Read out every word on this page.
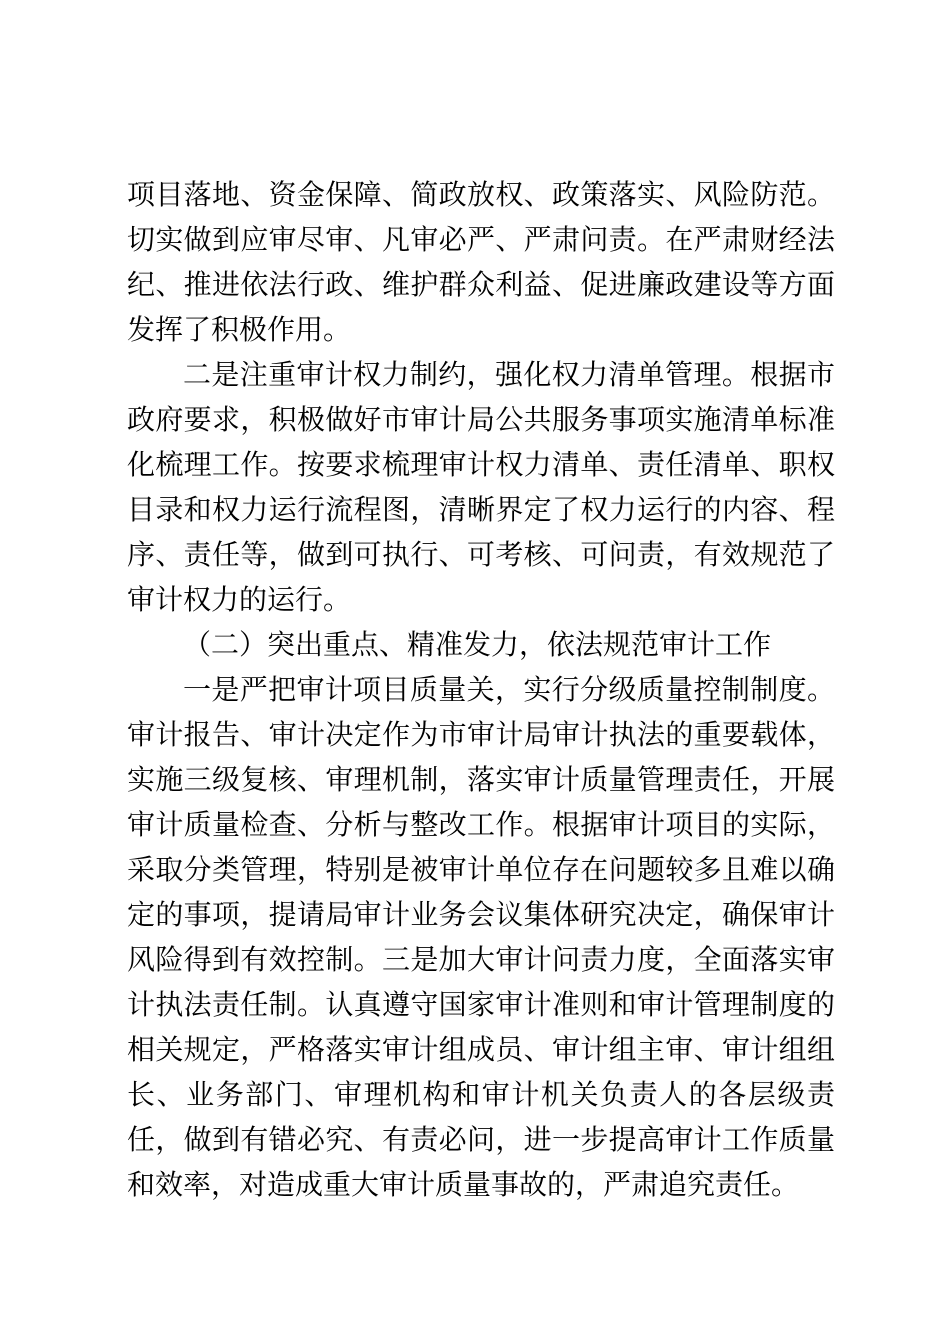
项目落地、资金保障、简政放权、政策落实、风险防范。切实做到应审尽审、凡审必严、严肃问责。在严肃财经法纪、推进依法行政、维护群众利益、促进廉政建设等方面发挥了积极作用。

二是注重审计权力制约，强化权力清单管理。根据市政府要求，积极做好市审计局公共服务事项实施清单标准化梳理工作。按要求梳理审计权力清单、责任清单、职权目录和权力运行流程图，清晰界定了权力运行的内容、程序、责任等，做到可执行、可考核、可问责，有效规范了审计权力的运行。

（二）突出重点、精准发力，依法规范审计工作

一是严把审计项目质量关，实行分级质量控制制度。审计报告、审计决定作为市审计局审计执法的重要载体，实施三级复核、审理机制，落实审计质量管理责任，开展审计质量检查、分析与整改工作。根据审计项目的实际，采取分类管理，特别是被审计单位存在问题较多且难以确定的事项，提请局审计业务会议集体研究决定，确保审计风险得到有效控制。三是加大审计问责力度，全面落实审计执法责任制。认真遵守国家审计准则和审计管理制度的相关规定，严格落实审计组成员、审计组主审、审计组组长、业务部门、审理机构和审计机关负责人的各层级责任，做到有错必究、有责必问，进一步提高审计工作质量和效率，对造成重大审计质量事故的，严肃追究责任。
